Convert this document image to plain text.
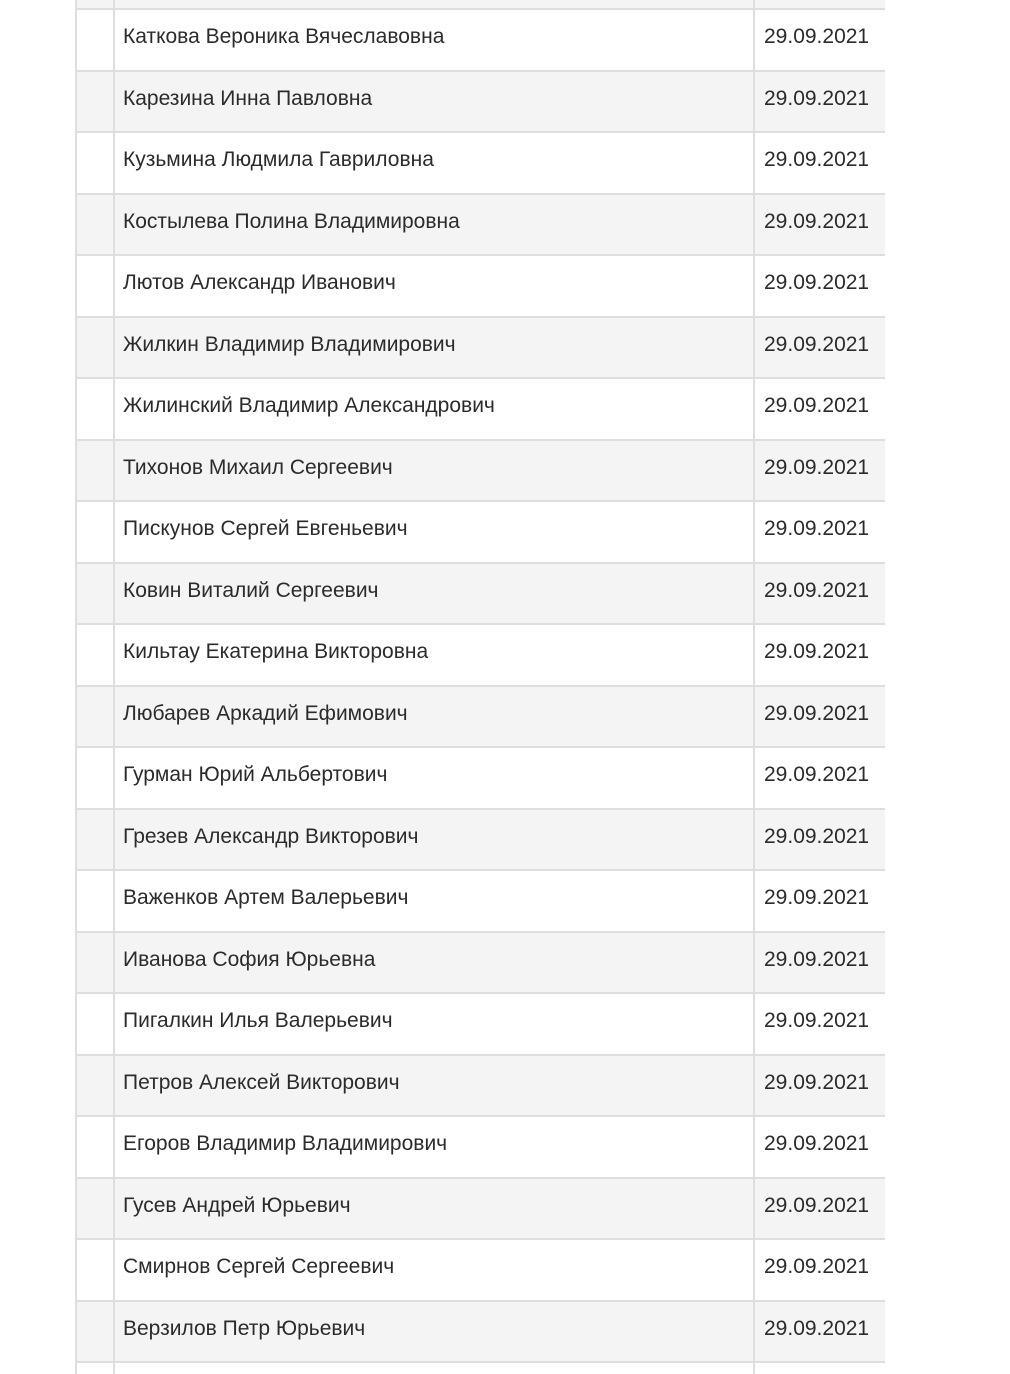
Каткова Вероника Вячеславовна	29.09.2021
Карезина Инна Павловна	29.09.2021
Кузьмина Людмила Гавриловна	29.09.2021
Костылева Полина Владимировна	29.09.2021
Лютов Александр Иванович	29.09.2021
Жилкин Владимир Владимирович	29.09.2021
Жилинский Владимир Александрович	29.09.2021
Тихонов Михаил Сергеевич	29.09.2021
Пискунов Сергей Евгеньевич	29.09.2021
Ковин Виталий Сергеевич	29.09.2021
Кильтау Екатерина Викторовна	29.09.2021
Любарев Аркадий Ефимович	29.09.2021
Гурман Юрий Альбертович	29.09.2021
Грезев Александр Викторович	29.09.2021
Важенков Артем Валерьевич	29.09.2021
Иванова София Юрьевна	29.09.2021
Пигалкин Илья Валерьевич	29.09.2021
Петров Алексей Викторович	29.09.2021
Егоров Владимир Владимирович	29.09.2021
Гусев Андрей Юрьевич	29.09.2021
Смирнов Сергей Сергеевич	29.09.2021
Верзилов Петр Юрьевич	29.09.2021
